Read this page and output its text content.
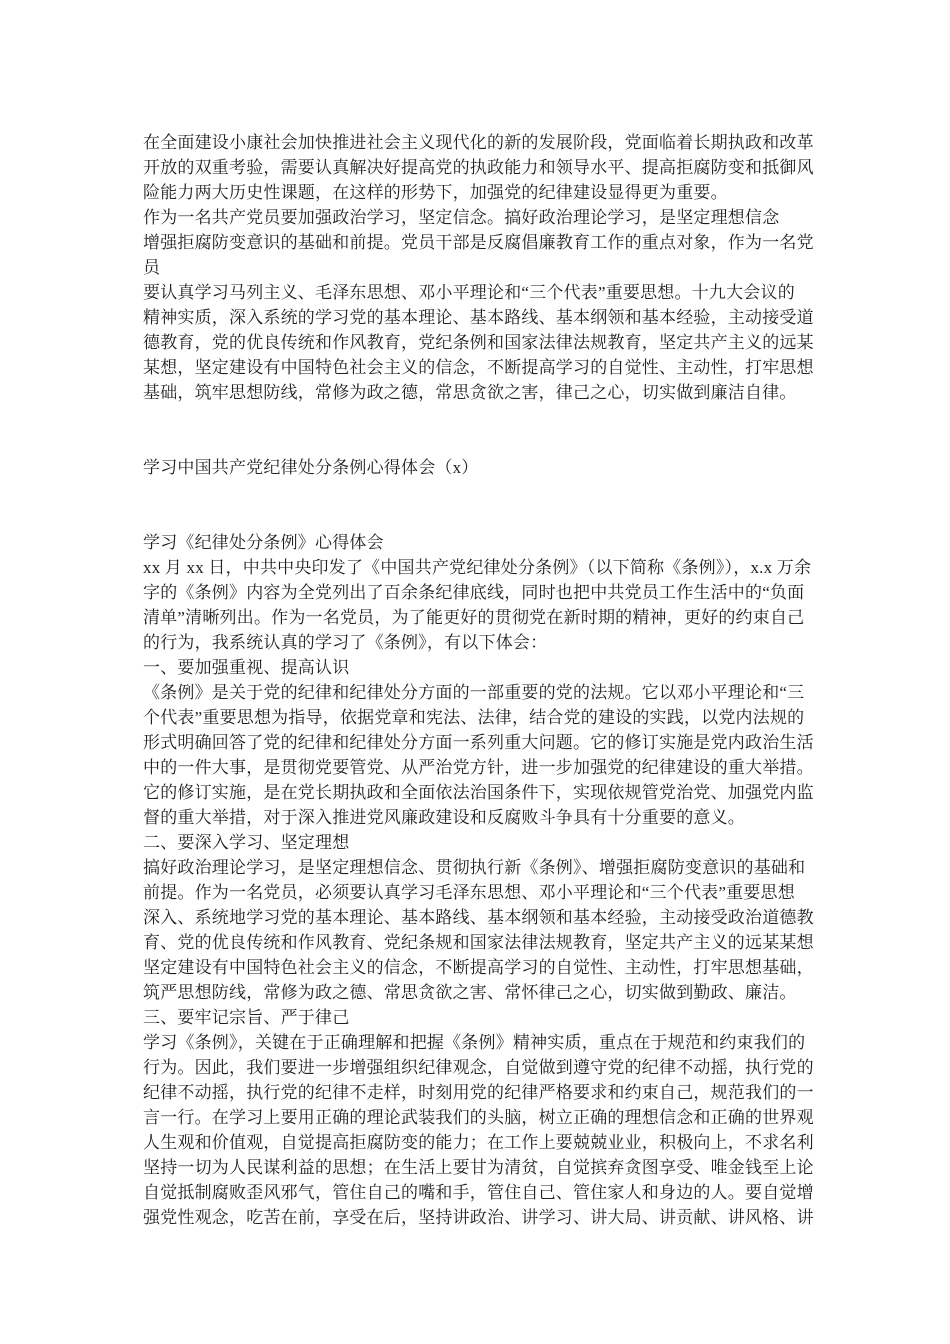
在全面建设小康社会加快推进社会主义现代化的新的发展阶段，党面临着长期执政和改革
开放的双重考验，需要认真解决好提高党的执政能力和领导水平、提高拒腐防变和抵御风
险能力两大历史性课题，在这样的形势下，加强党的纪律建设显得更为重要。
作为一名共产党员要加强政治学习，坚定信念。搞好政治理论学习，是坚定理想信念
增强拒腐防变意识的基础和前提。党员干部是反腐倡廉教育工作的重点对象，作为一名党
员
要认真学习马列主义、毛泽东思想、邓小平理论和“三个代表”重要思想。十九大会议的
精神实质，深入系统的学习党的基本理论、基本路线、基本纲领和基本经验，主动接受道
德教育，党的优良传统和作风教育，党纪条例和国家法律法规教育，坚定共产主义的远某
某想，坚定建设有中国特色社会主义的信念，不断提高学习的自觉性、主动性，打牢思想
基础，筑牢思想防线，常修为政之德，常思贪欲之害，律己之心，切实做到廉洁自律。
学习中国共产党纪律处分条例心得体会（x）
学习《纪律处分条例》心得体会
xx 月 xx 日，中共中央印发了《中国共产党纪律处分条例》（以下简称《条例》），x.x 万余
字的《条例》内容为全党列出了百余条纪律底线，同时也把中共党员工作生活中的“负面
清单”清晰列出。作为一名党员，为了能更好的贯彻党在新时期的精神，更好的约束自己
的行为，我系统认真的学习了《条例》，有以下体会：
一、要加强重视、提高认识
《条例》是关于党的纪律和纪律处分方面的一部重要的党的法规。它以邓小平理论和“三
个代表”重要思想为指导，依据党章和宪法、法律，结合党的建设的实践，以党内法规的
形式明确回答了党的纪律和纪律处分方面一系列重大问题。它的修订实施是党内政治生活
中的一件大事，是贯彻党要管党、从严治党方针，进一步加强党的纪律建设的重大举措。
它的修订实施，是在党长期执政和全面依法治国条件下，实现依规管党治党、加强党内监
督的重大举措，对于深入推进党风廉政建设和反腐败斗争具有十分重要的意义。
二、要深入学习、坚定理想
搞好政治理论学习，是坚定理想信念、贯彻执行新《条例》、增强拒腐防变意识的基础和
前提。作为一名党员，必须要认真学习毛泽东思想、邓小平理论和“三个代表”重要思想
深入、系统地学习党的基本理论、基本路线、基本纲领和基本经验，主动接受政治道德教
育、党的优良传统和作风教育、党纪条规和国家法律法规教育，坚定共产主义的远某某想
坚定建设有中国特色社会主义的信念，不断提高学习的自觉性、主动性，打牢思想基础，
筑严思想防线，常修为政之德、常思贪欲之害、常怀律己之心，切实做到勤政、廉洁。
三、要牢记宗旨、严于律己
学习《条例》，关键在于正确理解和把握《条例》精神实质，重点在于规范和约束我们的
行为。因此，我们要进一步增强组织纪律观念，自觉做到遵守党的纪律不动摇，执行党的
纪律不动摇，执行党的纪律不走样，时刻用党的纪律严格要求和约束自己，规范我们的一
言一行。在学习上要用正确的理论武装我们的头脑，树立正确的理想信念和正确的世界观
人生观和价值观，自觉提高拒腐防变的能力；在工作上要兢兢业业，积极向上，不求名利
坚持一切为人民谋利益的思想；在生活上要甘为清贫，自觉摈弃贪图享受、唯金钱至上论
自觉抵制腐败歪风邪气，管住自己的嘴和手，管住自己、管住家人和身边的人。要自觉增
强党性观念，吃苦在前，享受在后，坚持讲政治、讲学习、讲大局、讲贡献、讲风格、讲
